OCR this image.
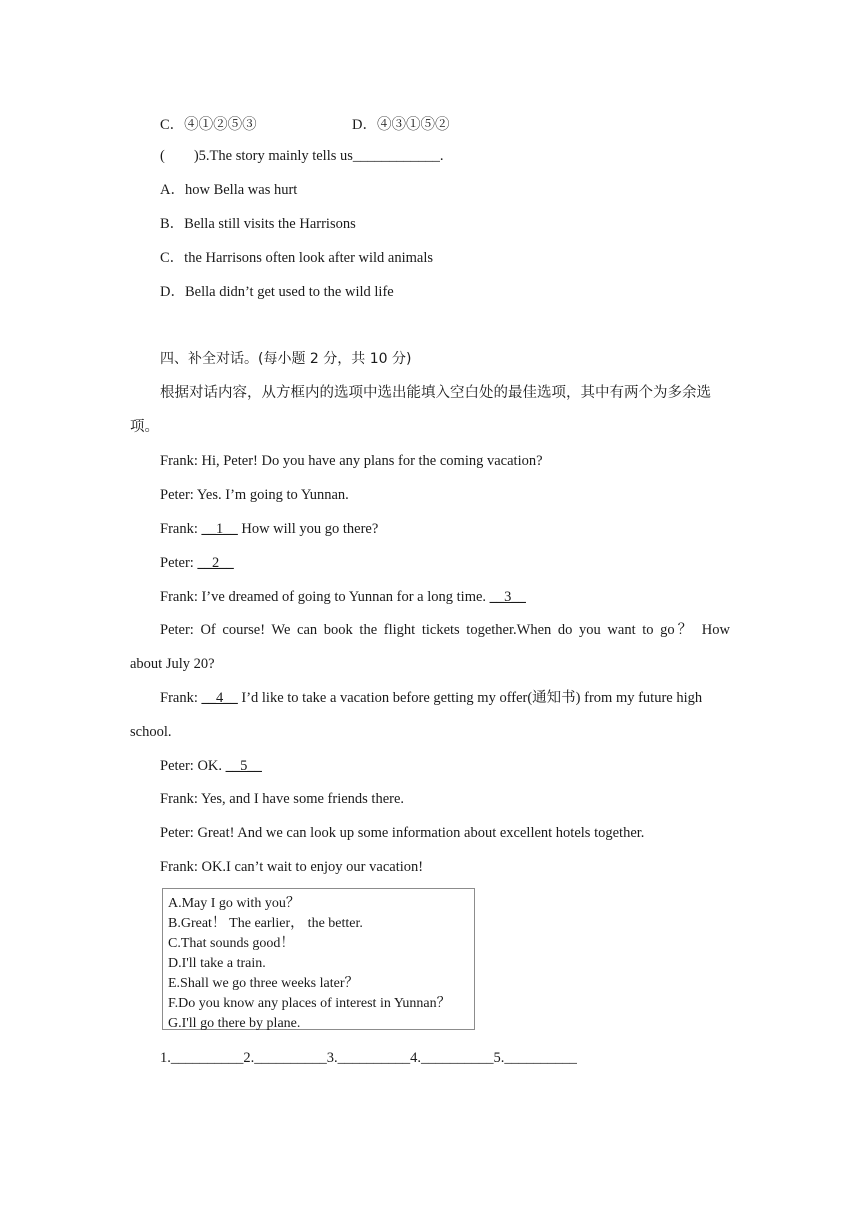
C．④①②⑤③	D．④③①⑤②
(　　)5.The story mainly tells us____________.
A．how Bella was hurt
B．Bella still visits the Harrisons
C．the Harrisons often look after wild animals
D．Bella didn’t get used to the wild life
四、补全对话。(每小题 2 分，共 10 分)
根据对话内容，从方框内的选项中选出能填入空白处的最佳选项，其中有两个为多余选
项。
Frank: Hi, Peter! Do you have any plans for the coming vacation?
Peter: Yes. I’m going to Yunnan.
Frank: __1__ How will you go there?
Peter: __2__
Frank: I’ve dreamed of going to Yunnan for a long time. __3__
Peter: Of course! We can book the flight tickets together.When do you want to go？ How
about July 20?
Frank: __4__ I’d like to take a vacation before getting my offer(通知书) from my future high
school.
Peter: OK. __5__
Frank: Yes, and I have some friends there.
Peter: Great! And we can look up some information about excellent hotels together.
Frank: OK.I can’t wait to enjoy our vacation!
A.May I go with you？
B.Great！ The earlier， the better.
C.That sounds good！
D.I'll take a train.
E.Shall we go three weeks later？
F.Do you know any places of interest in Yunnan？
G.I'll go there by plane.
1.__________2.__________3.__________4.__________5.__________
